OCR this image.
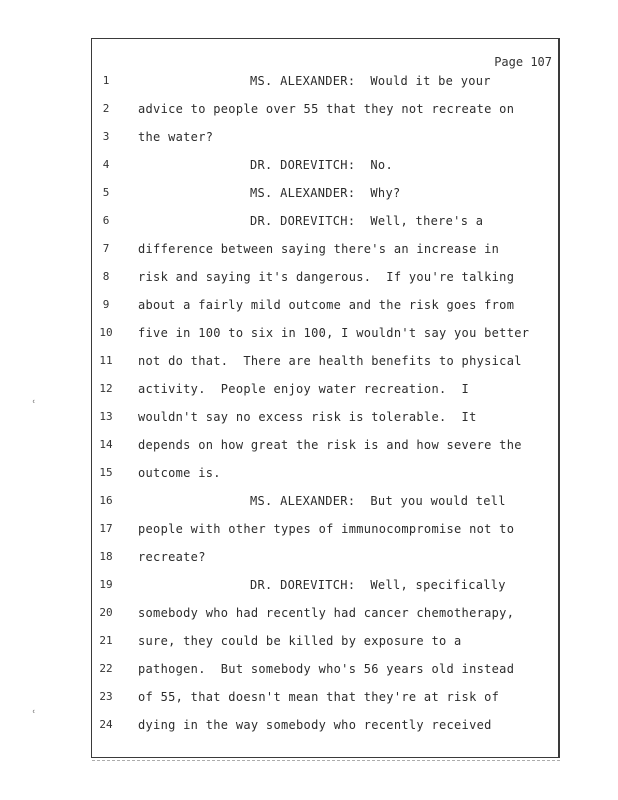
ʿ
ʿ
Page 107
1
2
3
4
5
6
7
8
9
10
11
12
13
14
15
16
17
18
19
20
21
22
23
24
MS. ALEXANDER:  Would it be your
advice to people over 55 that they not recreate on
the water?
DR. DOREVITCH:  No.
MS. ALEXANDER:  Why?
DR. DOREVITCH:  Well, there's a
difference between saying there's an increase in
risk and saying it's dangerous.  If you're talking
about a fairly mild outcome and the risk goes from
five in 100 to six in 100, I wouldn't say you better
not do that.  There are health benefits to physical
activity.  People enjoy water recreation.  I
wouldn't say no excess risk is tolerable.  It
depends on how great the risk is and how severe the
outcome is.
MS. ALEXANDER:  But you would tell
people with other types of immunocompromise not to
recreate?
DR. DOREVITCH:  Well, specifically
somebody who had recently had cancer chemotherapy,
sure, they could be killed by exposure to a
pathogen.  But somebody who's 56 years old instead
of 55, that doesn't mean that they're at risk of
dying in the way somebody who recently received
